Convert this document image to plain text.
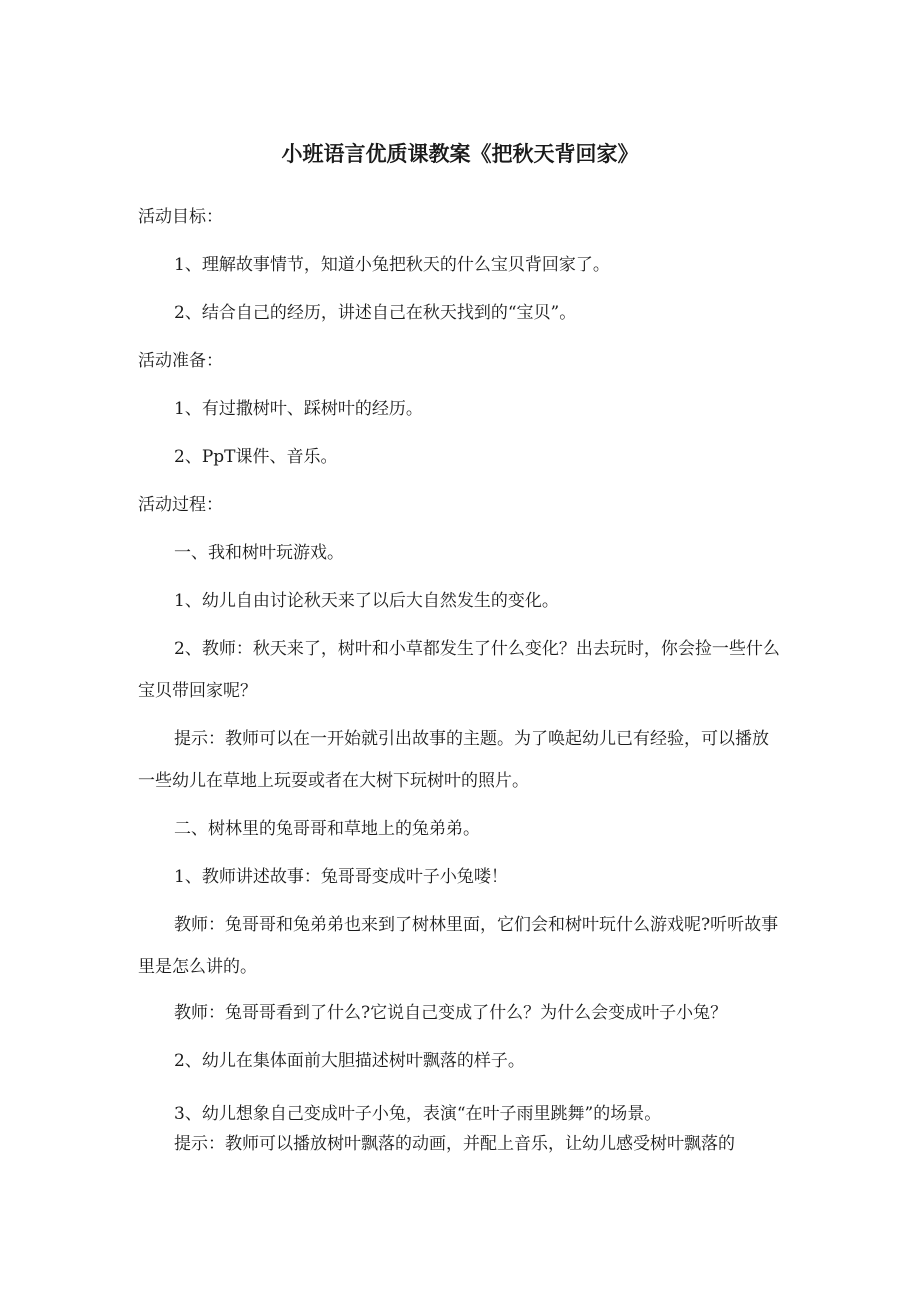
小班语言优质课教案《把秋天背回家》

活动目标：

1、理解故事情节，知道小兔把秋天的什么宝贝背回家了。

2、结合自己的经历，讲述自己在秋天找到的“宝贝”。

活动准备：

1、有过撒树叶、踩树叶的经历。

2、PpT课件、音乐。

活动过程：

一、我和树叶玩游戏。

1、幼儿自由讨论秋天来了以后大自然发生的变化。

2、教师：秋天来了，树叶和小草都发生了什么变化？出去玩时，你会捡一些什么

宝贝带回家呢？

提示：教师可以在一开始就引出故事的主题。为了唤起幼儿已有经验，可以播放

一些幼儿在草地上玩耍或者在大树下玩树叶的照片。

二、树林里的兔哥哥和草地上的兔弟弟。

1、教师讲述故事：兔哥哥变成叶子小兔喽！

教师：兔哥哥和兔弟弟也来到了树林里面，它们会和树叶玩什么游戏呢?听听故事

里是怎么讲的。

教师：兔哥哥看到了什么?它说自己变成了什么？为什么会变成叶子小兔？

2、幼儿在集体面前大胆描述树叶飘落的样子。

3、幼儿想象自己变成叶子小兔，表演“在叶子雨里跳舞”的场景。

提示：教师可以播放树叶飘落的动画，并配上音乐，让幼儿感受树叶飘落的
